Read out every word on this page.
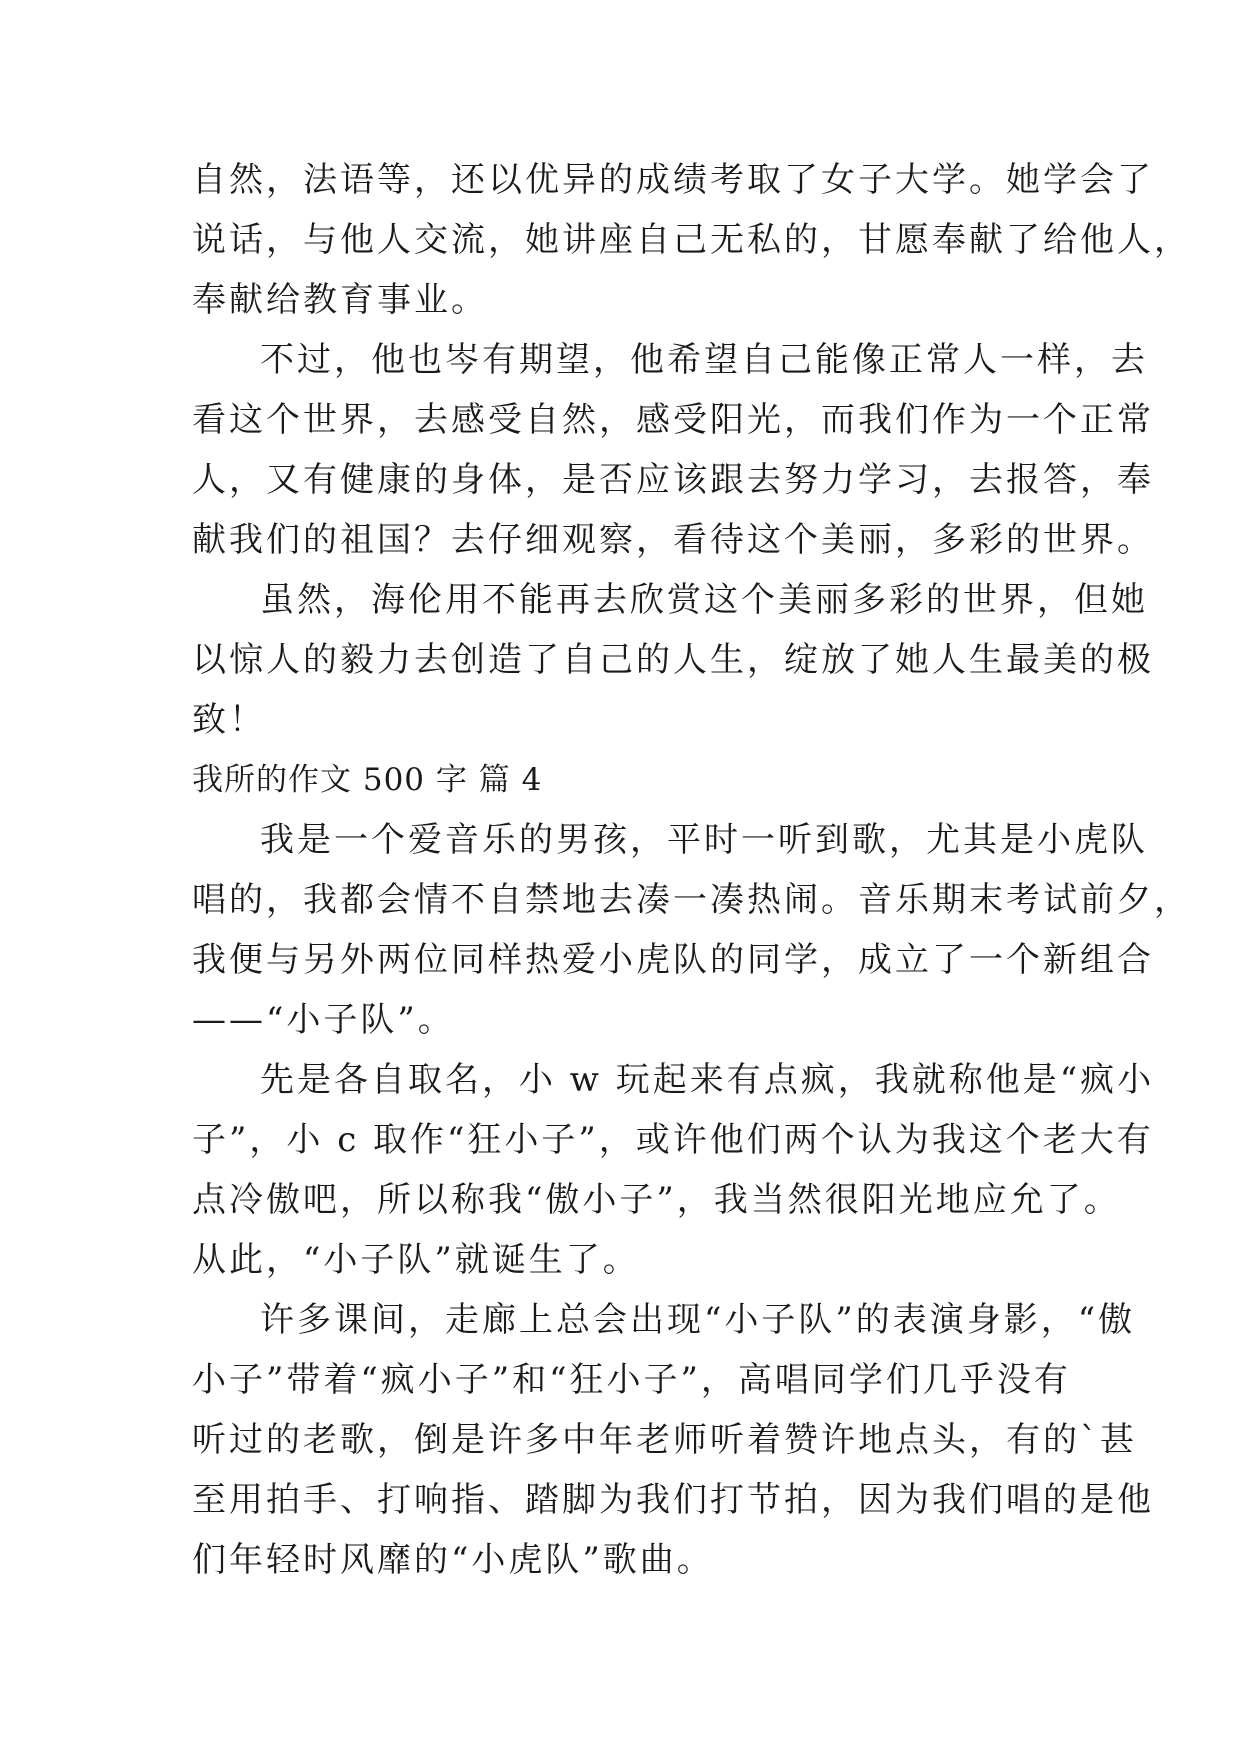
自然，法语等，还以优异的成绩考取了女子大学。她学会了
说话，与他人交流，她讲座自己无私的，甘愿奉献了给他人，
奉献给教育事业。
不过，他也岑有期望，他希望自己能像正常人一样，去
看这个世界，去感受自然，感受阳光，而我们作为一个正常
人，又有健康的身体，是否应该跟去努力学习，去报答，奉
献我们的祖国？去仔细观察，看待这个美丽，多彩的世界。
虽然，海伦用不能再去欣赏这个美丽多彩的世界，但她
以惊人的毅力去创造了自己的人生，绽放了她人生最美的极
致！
我所的作文 500 字 篇 4
我是一个爱音乐的男孩，平时一听到歌，尤其是小虎队
唱的，我都会情不自禁地去凑一凑热闹。音乐期末考试前夕，
我便与另外两位同样热爱小虎队的同学，成立了一个新组合
——“小子队”。
先是各自取名，小 w 玩起来有点疯，我就称他是“疯小
子”，小 c 取作“狂小子”，或许他们两个认为我这个老大有
点冷傲吧，所以称我“傲小子”，我当然很阳光地应允了。
从此，“小子队”就诞生了。
许多课间，走廊上总会出现“小子队”的表演身影，“傲
小子”带着“疯小子”和“狂小子”，高唱同学们几乎没有
听过的老歌，倒是许多中年老师听着赞许地点头，有的`甚
至用拍手、打响指、踏脚为我们打节拍，因为我们唱的是他
们年轻时风靡的“小虎队”歌曲。
